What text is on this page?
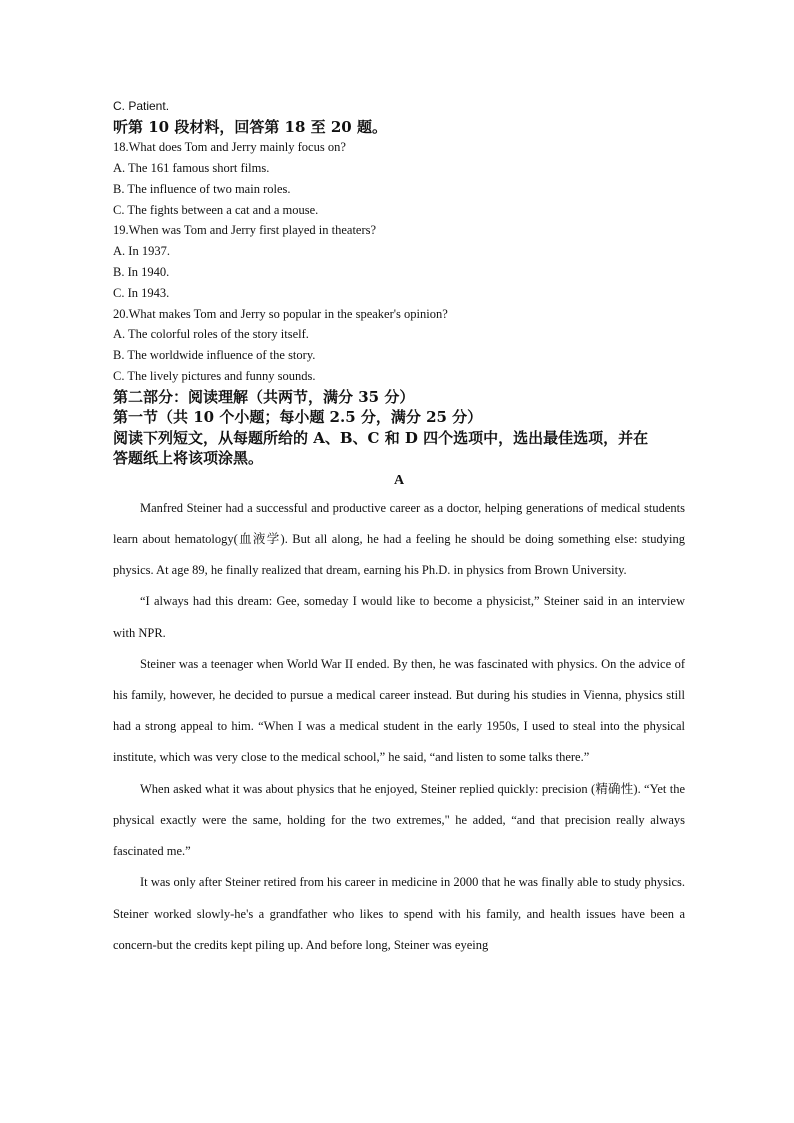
C. Patient.
听第 10 段材料，回答第 18 至 20 题。
18.What does Tom and Jerry mainly focus on?
A. The 161 famous short films.
B. The influence of two main roles.
C. The fights between a cat and a mouse.
19.When was Tom and Jerry first played in theaters?
A. In 1937.
B. In 1940.
C. In 1943.
20.What makes Tom and Jerry so popular in the speaker's opinion?
A. The colorful roles of the story itself.
B. The worldwide influence of the story.
C. The lively pictures and funny sounds.
第二部分：阅读理解（共两节，满分 35 分）
第一节（共 10 个小题；每小题 2.5 分，满分 25 分）
阅读下列短文，从每题所给的 A、B、C 和 D 四个选项中，选出最佳选项，并在
答题纸上将该项涂黑。
A

Manfred Steiner had a successful and productive career as a doctor, helping generations of medical students learn about hematology(血液学). But all along, he had a feeling he should be doing something else: studying physics. At age 89, he finally realized that dream, earning his Ph.D. in physics from Brown University.

“I always had this dream: Gee, someday I would like to become a physicist,” Steiner said in an interview with NPR.

Steiner was a teenager when World War II ended. By then, he was fascinated with physics. On the advice of his family, however, he decided to pursue a medical career instead. But during his studies in Vienna, physics still had a strong appeal to him. “When I was a medical student in the early 1950s, I used to steal into the physical institute, which was very close to the medical school,” he said, “and listen to some talks there.”

When asked what it was about physics that he enjoyed, Steiner replied quickly: precision (精确性). “Yet the physical exactly were the same, holding for the two extremes," he added, “and that precision really always fascinated me.”

It was only after Steiner retired from his career in medicine in 2000 that he was finally able to study physics. Steiner worked slowly-he's a grandfather who likes to spend with his family, and health issues have been a concern-but the credits kept piling up. And before long, Steiner was eyeing
